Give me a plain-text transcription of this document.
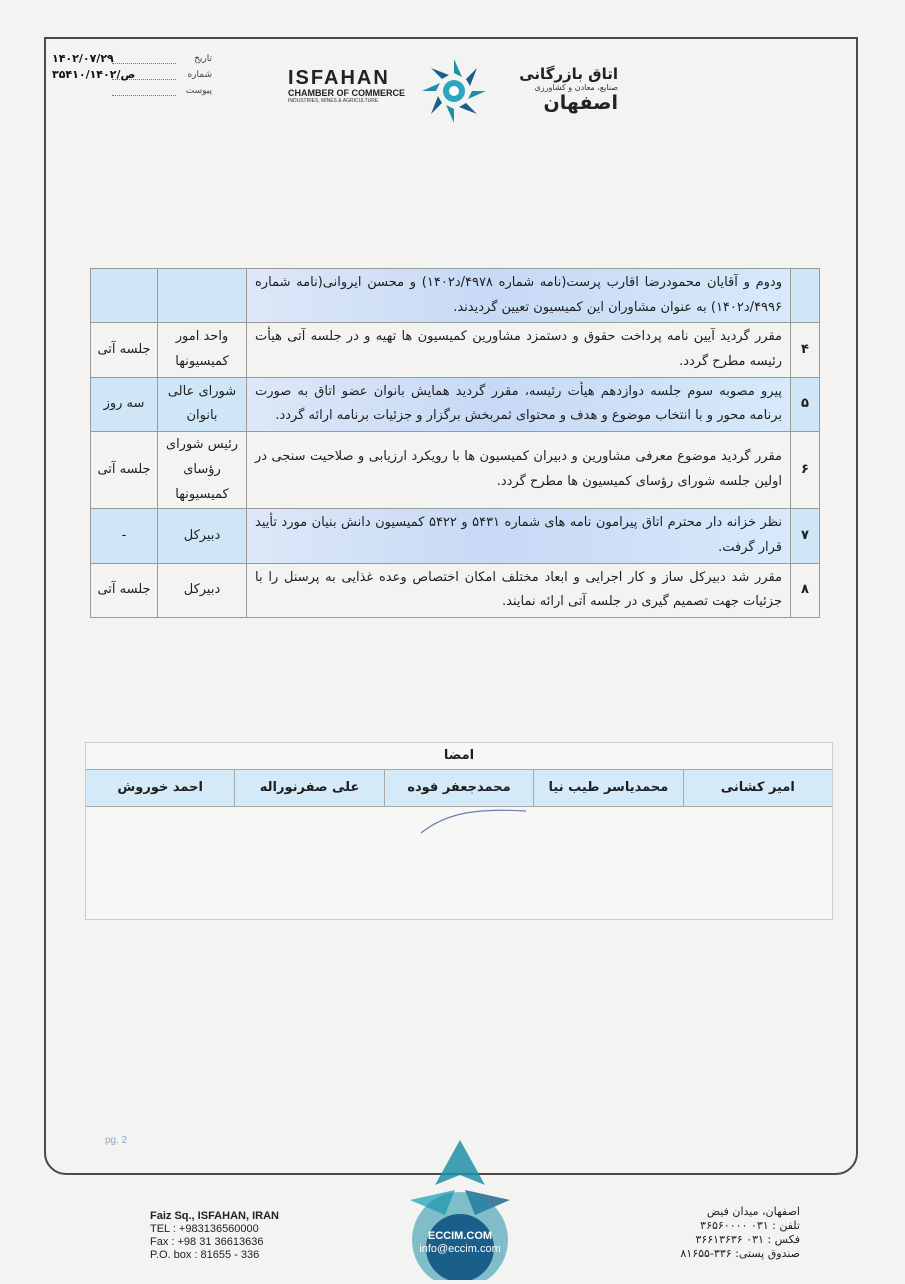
تاریخ
۱۴۰۲/۰۷/۲۹
شماره
۳۵۴۱۰/ص/۱۴۰۲
پیوست
ISFAHAN
CHAMBER OF COMMERCE
INDUSTRIES, MINES & AGRICULTURE
اتاق بازرگانی
صنایع، معادن و کشاورزی
اصفهان
	ودوم و آقایان محمودرضا اقارب پرست(نامه شماره ۴۹۷۸/د۱۴۰۲) و محسن ایروانی(نامه شماره ۴۹۹۶/د۱۴۰۲) به عنوان مشاوران این کمیسیون تعیین گردیدند.		
۴	مقرر گردید آیین نامه پرداخت حقوق و دستمزد مشاورین کمیسیون ها تهیه و در جلسه آتی هیأت رئیسه مطرح گردد.	واحد امور کمیسیونها	جلسه آتی
۵	پیرو مصوبه سوم جلسه دوازدهم هیأت رئیسه، مقرر گردید همایش بانوان عضو اتاق به صورت برنامه محور و با انتخاب موضوع و هدف و محتوای ثمربخش برگزار و جزئیات برنامه ارائه گردد.	شورای عالی بانوان	سه روز
۶	مقرر گردید موضوع معرفی مشاورین و دبیران کمیسیون ها با رویکرد ارزیابی و صلاحیت سنجی در اولین جلسه شورای رؤسای کمیسیون ها مطرح گردد.	رئیس شورای رؤسای کمیسیونها	جلسه آتی
۷	نظر خزانه دار محترم اتاق پیرامون نامه های شماره ۵۴۳۱ و ۵۴۲۲ کمیسیون دانش بنیان مورد تأیید قرار گرفت.	دبیرکل	-
۸	مقرر شد دبیرکل ساز و کار اجرایی و ابعاد مختلف امکان اختصاص وعده غذایی به پرسنل را با جزئیات جهت تصمیم گیری در جلسه آتی ارائه نمایند.	دبیرکل	جلسه آتی
امضا
امیر کشانی
محمدیاسر طیب نیا
محمدجعفر فوده
علی صفرنوراله
احمد خوروش
pg. 2
ECCIM.COM
info@eccim.com
Faiz Sq., ISFAHAN, IRAN
TEL : +983136560000
Fax : +98 31 36613636
P.O. box : 81655 - 336
اصفهان، میدان فیض
تلفن : ۰۳۱ ۳۶۵۶۰۰۰۰
فکس : ۰۳۱ ۳۶۶۱۳۶۳۶
صندوق پستی: ۳۳۶-۸۱۶۵۵
